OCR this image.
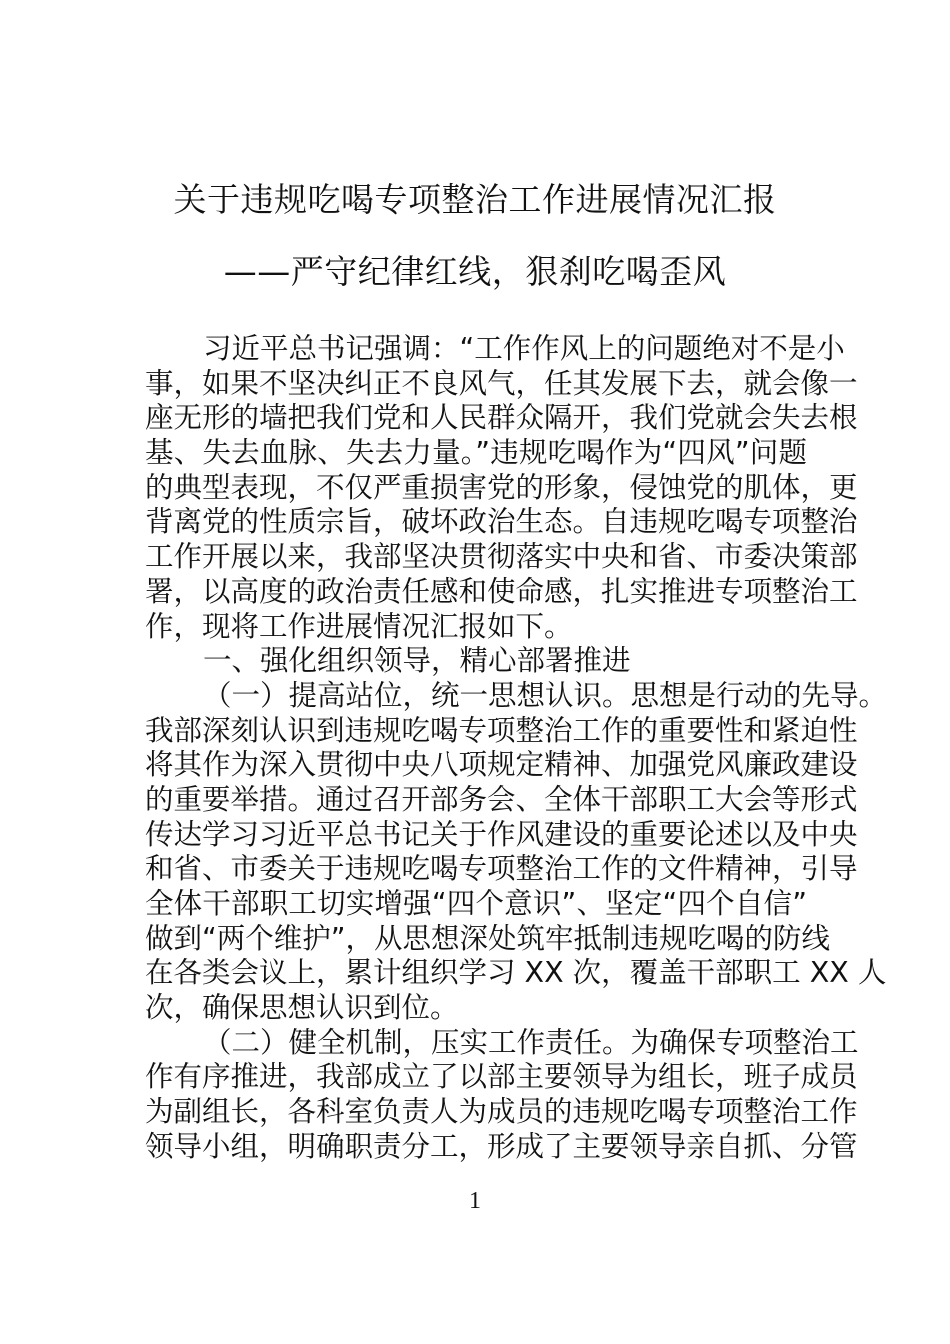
关于违规吃喝专项整治工作进展情况汇报
——严守纪律红线，狠刹吃喝歪风
习近平总书记强调：“工作作风上的问题绝对不是小
事，如果不坚决纠正不良风气，任其发展下去，就会像一
座无形的墙把我们党和人民群众隔开，我们党就会失去根
基、失去血脉、失去力量。”违规吃喝作为“四风”问题
的典型表现，不仅严重损害党的形象，侵蚀党的肌体，更
背离党的性质宗旨，破坏政治生态。自违规吃喝专项整治
工作开展以来，我部坚决贯彻落实中央和省、市委决策部
署，以高度的政治责任感和使命感，扎实推进专项整治工
作，现将工作进展情况汇报如下。
一、强化组织领导，精心部署推进
（一）提高站位，统一思想认识。思想是行动的先导。
我部深刻认识到违规吃喝专项整治工作的重要性和紧迫性
将其作为深入贯彻中央八项规定精神、加强党风廉政建设
的重要举措。通过召开部务会、全体干部职工大会等形式
传达学习习近平总书记关于作风建设的重要论述以及中央
和省、市委关于违规吃喝专项整治工作的文件精神，引导
全体干部职工切实增强“四个意识”、坚定“四个自信”
做到“两个维护”，从思想深处筑牢抵制违规吃喝的防线
在各类会议上，累计组织学习 XX 次，覆盖干部职工 XX 人
次，确保思想认识到位。
（二）健全机制，压实工作责任。为确保专项整治工
作有序推进，我部成立了以部主要领导为组长，班子成员
为副组长，各科室负责人为成员的违规吃喝专项整治工作
领导小组，明确职责分工，形成了主要领导亲自抓、分管
1
